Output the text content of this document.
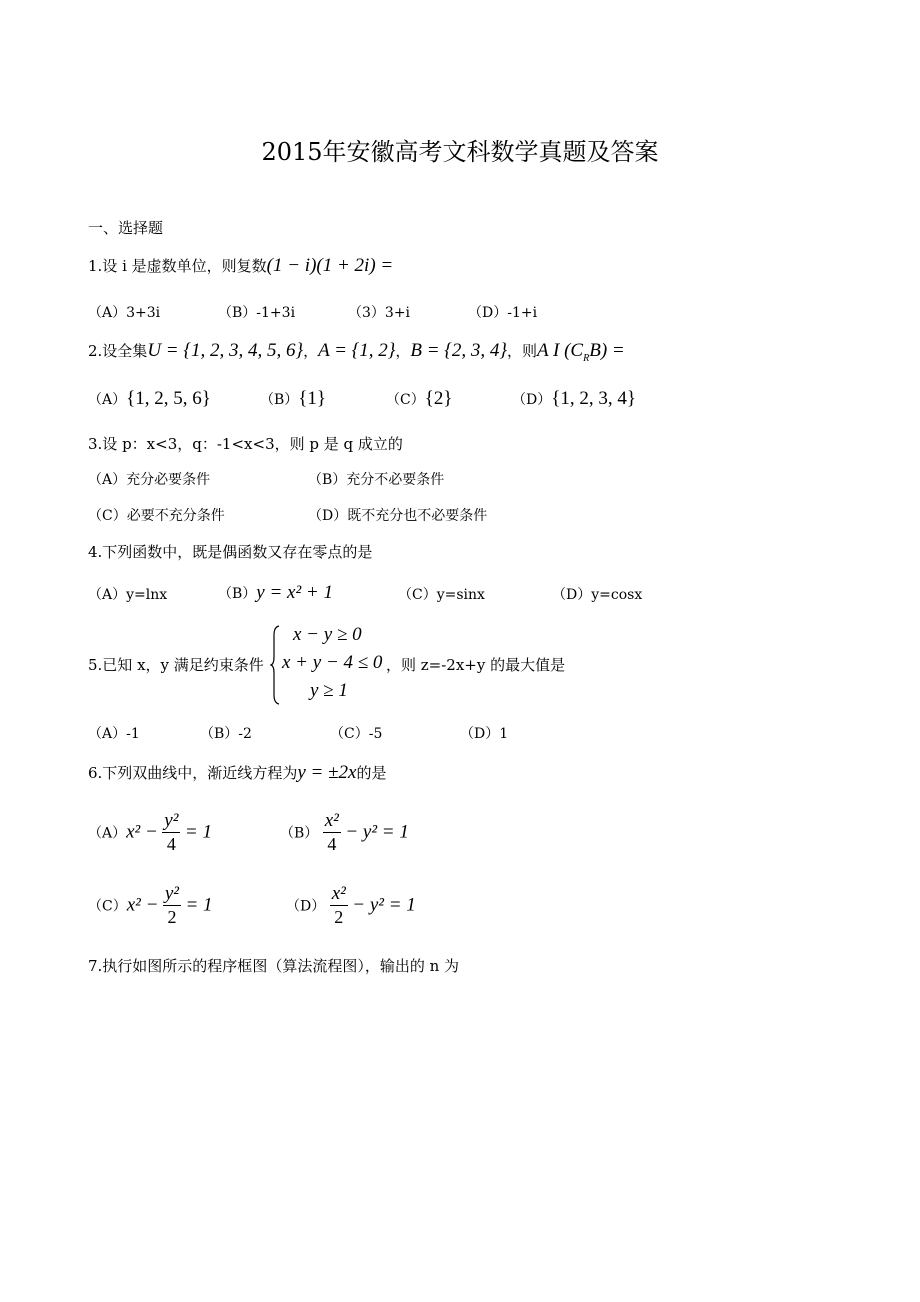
2015年安徽高考文科数学真题及答案
一、选择题
1.设 i 是虚数单位，则复数(1 − i)(1 + 2i) =
（A）3+3i	（B）-1+3i	（3）3+i	（D）-1+i
2.设全集U = {1, 2, 3, 4, 5, 6}，A = {1, 2}，B = {2, 3, 4}，则A I $(C_RB)$ =
（A）{1, 2, 5, 6}	（B）{1}	（C）{2}	（D）{1, 2, 3, 4}
3.设 p：x<3，q：-1<x<3，则 p 是 q 成立的
（A）充分必要条件	（B）充分不必要条件
（C）必要不充分条件	（D）既不充分也不必要条件
4.下列函数中，既是偶函数又存在零点的是
（A）y=lnx	（B）y = x² + 1	（C）y=sinx	（D）y=cosx
5.已知 x，y 满足约束条件
x − y ≥ 0
x + y − 4 ≤ 0
y ≥ 1
，则 z=-2x+y 的最大值是
（A）-1	（B）-2	（C）-5	（D）1
6.下列双曲线中，渐近线方程为y = ±2x的是
$(A)x^2 - \frac{\text{y²}}{4} = 1$	$(B) \frac{\text{x²}}{4} - y^2 = 1$
$(C)x^2 - \frac{\text{y²}}{2} = 1$	$(D) \frac{\text{x²}}{2} - y^2 = 1$
7.执行如图所示的程序框图（算法流程图），输出的 n 为
